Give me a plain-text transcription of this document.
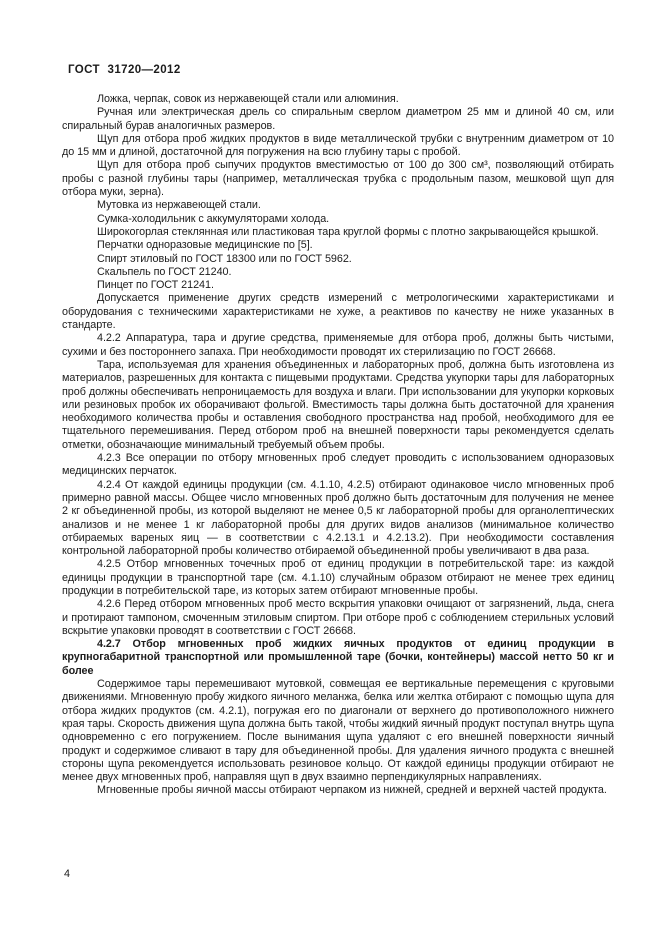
ГОСТ 31720—2012

Ложка, черпак, совок из нержавеющей стали или алюминия.

Ручная или электрическая дрель со спиральным сверлом диаметром 25 мм и длиной 40 см, или спиральный бурав аналогичных размеров.

Щуп для отбора проб жидких продуктов в виде металлической трубки с внутренним диаметром от 10 до 15 мм и длиной, достаточной для погружения на всю глубину тары с пробой.

Щуп для отбора проб сыпучих продуктов вместимостью от 100 до 300 см³, позволяющий отбирать пробы с разной глубины тары (например, металлическая трубка с продольным пазом, мешковой щуп для отбора муки, зерна).

Мутовка из нержавеющей стали.

Сумка-холодильник с аккумуляторами холода.

Широкогорлая стеклянная или пластиковая тара круглой формы с плотно закрывающейся крышкой.

Перчатки одноразовые медицинские по [5].

Спирт этиловый по ГОСТ 18300 или по ГОСТ 5962.

Скальпель по ГОСТ 21240.

Пинцет по ГОСТ 21241.

Допускается применение других средств измерений с метрологическими характеристиками и оборудования с техническими характеристиками не хуже, а реактивов по качеству не ниже указанных в стандарте.

4.2.2 Аппаратура, тара и другие средства, применяемые для отбора проб, должны быть чистыми, сухими и без постороннего запаха. При необходимости проводят их стерилизацию по ГОСТ 26668.

Тара, используемая для хранения объединенных и лабораторных проб, должна быть изготовлена из материалов, разрешенных для контакта с пищевыми продуктами. Средства укупорки тары для лабораторных проб должны обеспечивать непроницаемость для воздуха и влаги. При использовании для укупорки корковых или резиновых пробок их оборачивают фольгой. Вместимость тары должна быть достаточной для хранения необходимого количества пробы и оставления свободного пространства над пробой, необходимого для ее тщательного перемешивания. Перед отбором проб на внешней поверхности тары рекомендуется сделать отметки, обозначающие минимальный требуемый объем пробы.

4.2.3 Все операции по отбору мгновенных проб следует проводить с использованием одноразовых медицинских перчаток.

4.2.4 От каждой единицы продукции (см. 4.1.10, 4.2.5) отбирают одинаковое число мгновенных проб примерно равной массы. Общее число мгновенных проб должно быть достаточным для получения не менее 2 кг объединенной пробы, из которой выделяют не менее 0,5 кг лабораторной пробы для органолептических анализов и не менее 1 кг лабораторной пробы для других видов анализов (минимальное количество отбираемых вареных яиц — в соответствии с 4.2.13.1 и 4.2.13.2). При необходимости составления контрольной лабораторной пробы количество отбираемой объединенной пробы увеличивают в два раза.

4.2.5 Отбор мгновенных точечных проб от единиц продукции в потребительской таре: из каждой единицы продукции в транспортной таре (см. 4.1.10) случайным образом отбирают не менее трех единиц продукции в потребительской таре, из которых затем отбирают мгновенные пробы.

4.2.6 Перед отбором мгновенных проб место вскрытия упаковки очищают от загрязнений, льда, снега и протирают тампоном, смоченным этиловым спиртом. При отборе проб с соблюдением стерильных условий вскрытие упаковки проводят в соответствии с ГОСТ 26668.

4.2.7 Отбор мгновенных проб жидких яичных продуктов от единиц продукции в крупногабаритной транспортной или промышленной таре (бочки, контейнеры) массой нетто 50 кг и более

Содержимое тары перемешивают мутовкой, совмещая ее вертикальные перемещения с круговыми движениями. Мгновенную пробу жидкого яичного меланжа, белка или желтка отбирают с помощью щупа для отбора жидких продуктов (см. 4.2.1), погружая его по диагонали от верхнего до противоположного нижнего края тары. Скорость движения щупа должна быть такой, чтобы жидкий яичный продукт поступал внутрь щупа одновременно с его погружением. После вынимания щупа удаляют с его внешней поверхности яичный продукт и содержимое сливают в тару для объединенной пробы. Для удаления яичного продукта с внешней стороны щупа рекомендуется использовать резиновое кольцо. От каждой единицы продукции отбирают не менее двух мгновенных проб, направляя щуп в двух взаимно перпендикулярных направлениях.

Мгновенные пробы яичной массы отбирают черпаком из нижней, средней и верхней частей продукта.

4
